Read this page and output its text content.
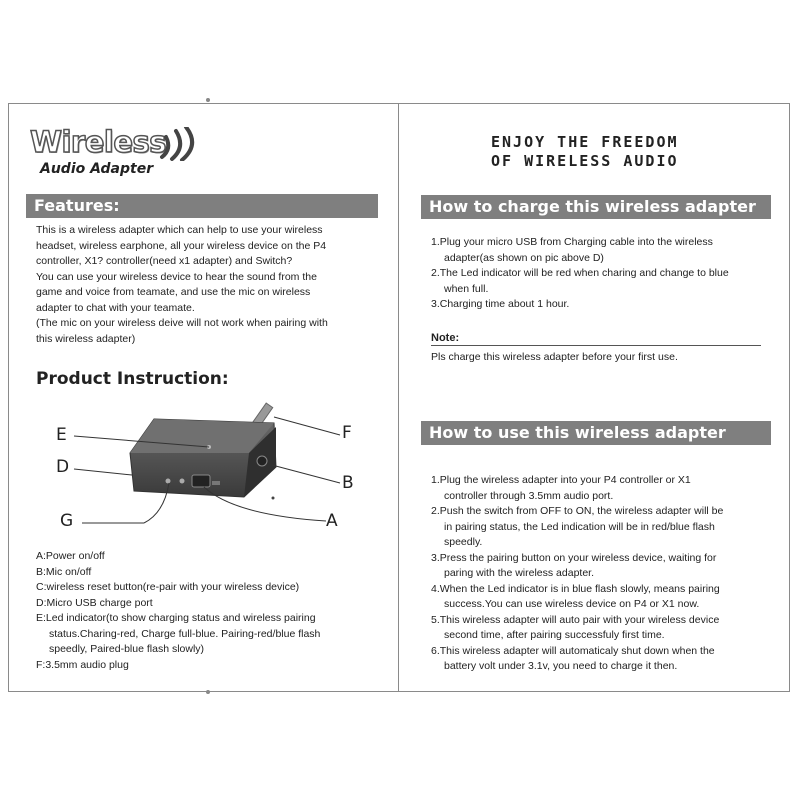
Wireless
Audio Adapter
Features:
This is a wireless adapter which can help to use your wireless
headset, wireless earphone, all your wireless device on the P4
controller, X1? controller(need x1 adapter) and Switch?
You can use your wireless device to hear the sound from the
game and voice from teamate, and use the mic on wireless
adapter to chat with your teamate.
(The mic on your wireless deive will not work when pairing with
this wireless adapter)
Product Instruction:
E
D
G
F
B
A
A:Power on/off
B:Mic on/off
C:wireless reset button(re-pair with your wireless device)
D:Micro USB charge port
E:Led indicator(to show charging status and wireless pairing
status.Charing-red, Charge full-blue. Pairing-red/blue flash
speedly, Paired-blue flash slowly)
F:3.5mm audio plug
ENJOY THE FREEDOM
OF WIRELESS AUDIO
How to charge this wireless adapter
1.Plug your micro USB from Charging cable into the wireless
adapter(as shown on pic above D)
2.The Led indicator will be red when charing and change to blue
when full.
3.Charging time about 1 hour.
Note:
Pls charge this wireless adapter before your first use.
How to use this wireless adapter
1.Plug the wireless adapter into your P4 controller or X1
controller through 3.5mm audio port.
2.Push the switch from OFF to ON, the wireless adapter will be
in pairing status, the Led indication will be in red/blue flash
speedly.
3.Press the pairing button on your wireless device, waiting for
paring with the wireless adapter.
4.When the Led indicator is in blue flash slowly, means pairing
success.You can use wireless device on P4 or X1 now.
5.This wireless adapter will auto pair with your wireless device
second time, after pairing successfuly first time.
6.This wireless adapter will automaticaly shut down when the
battery volt under 3.1v, you need to charge it then.
